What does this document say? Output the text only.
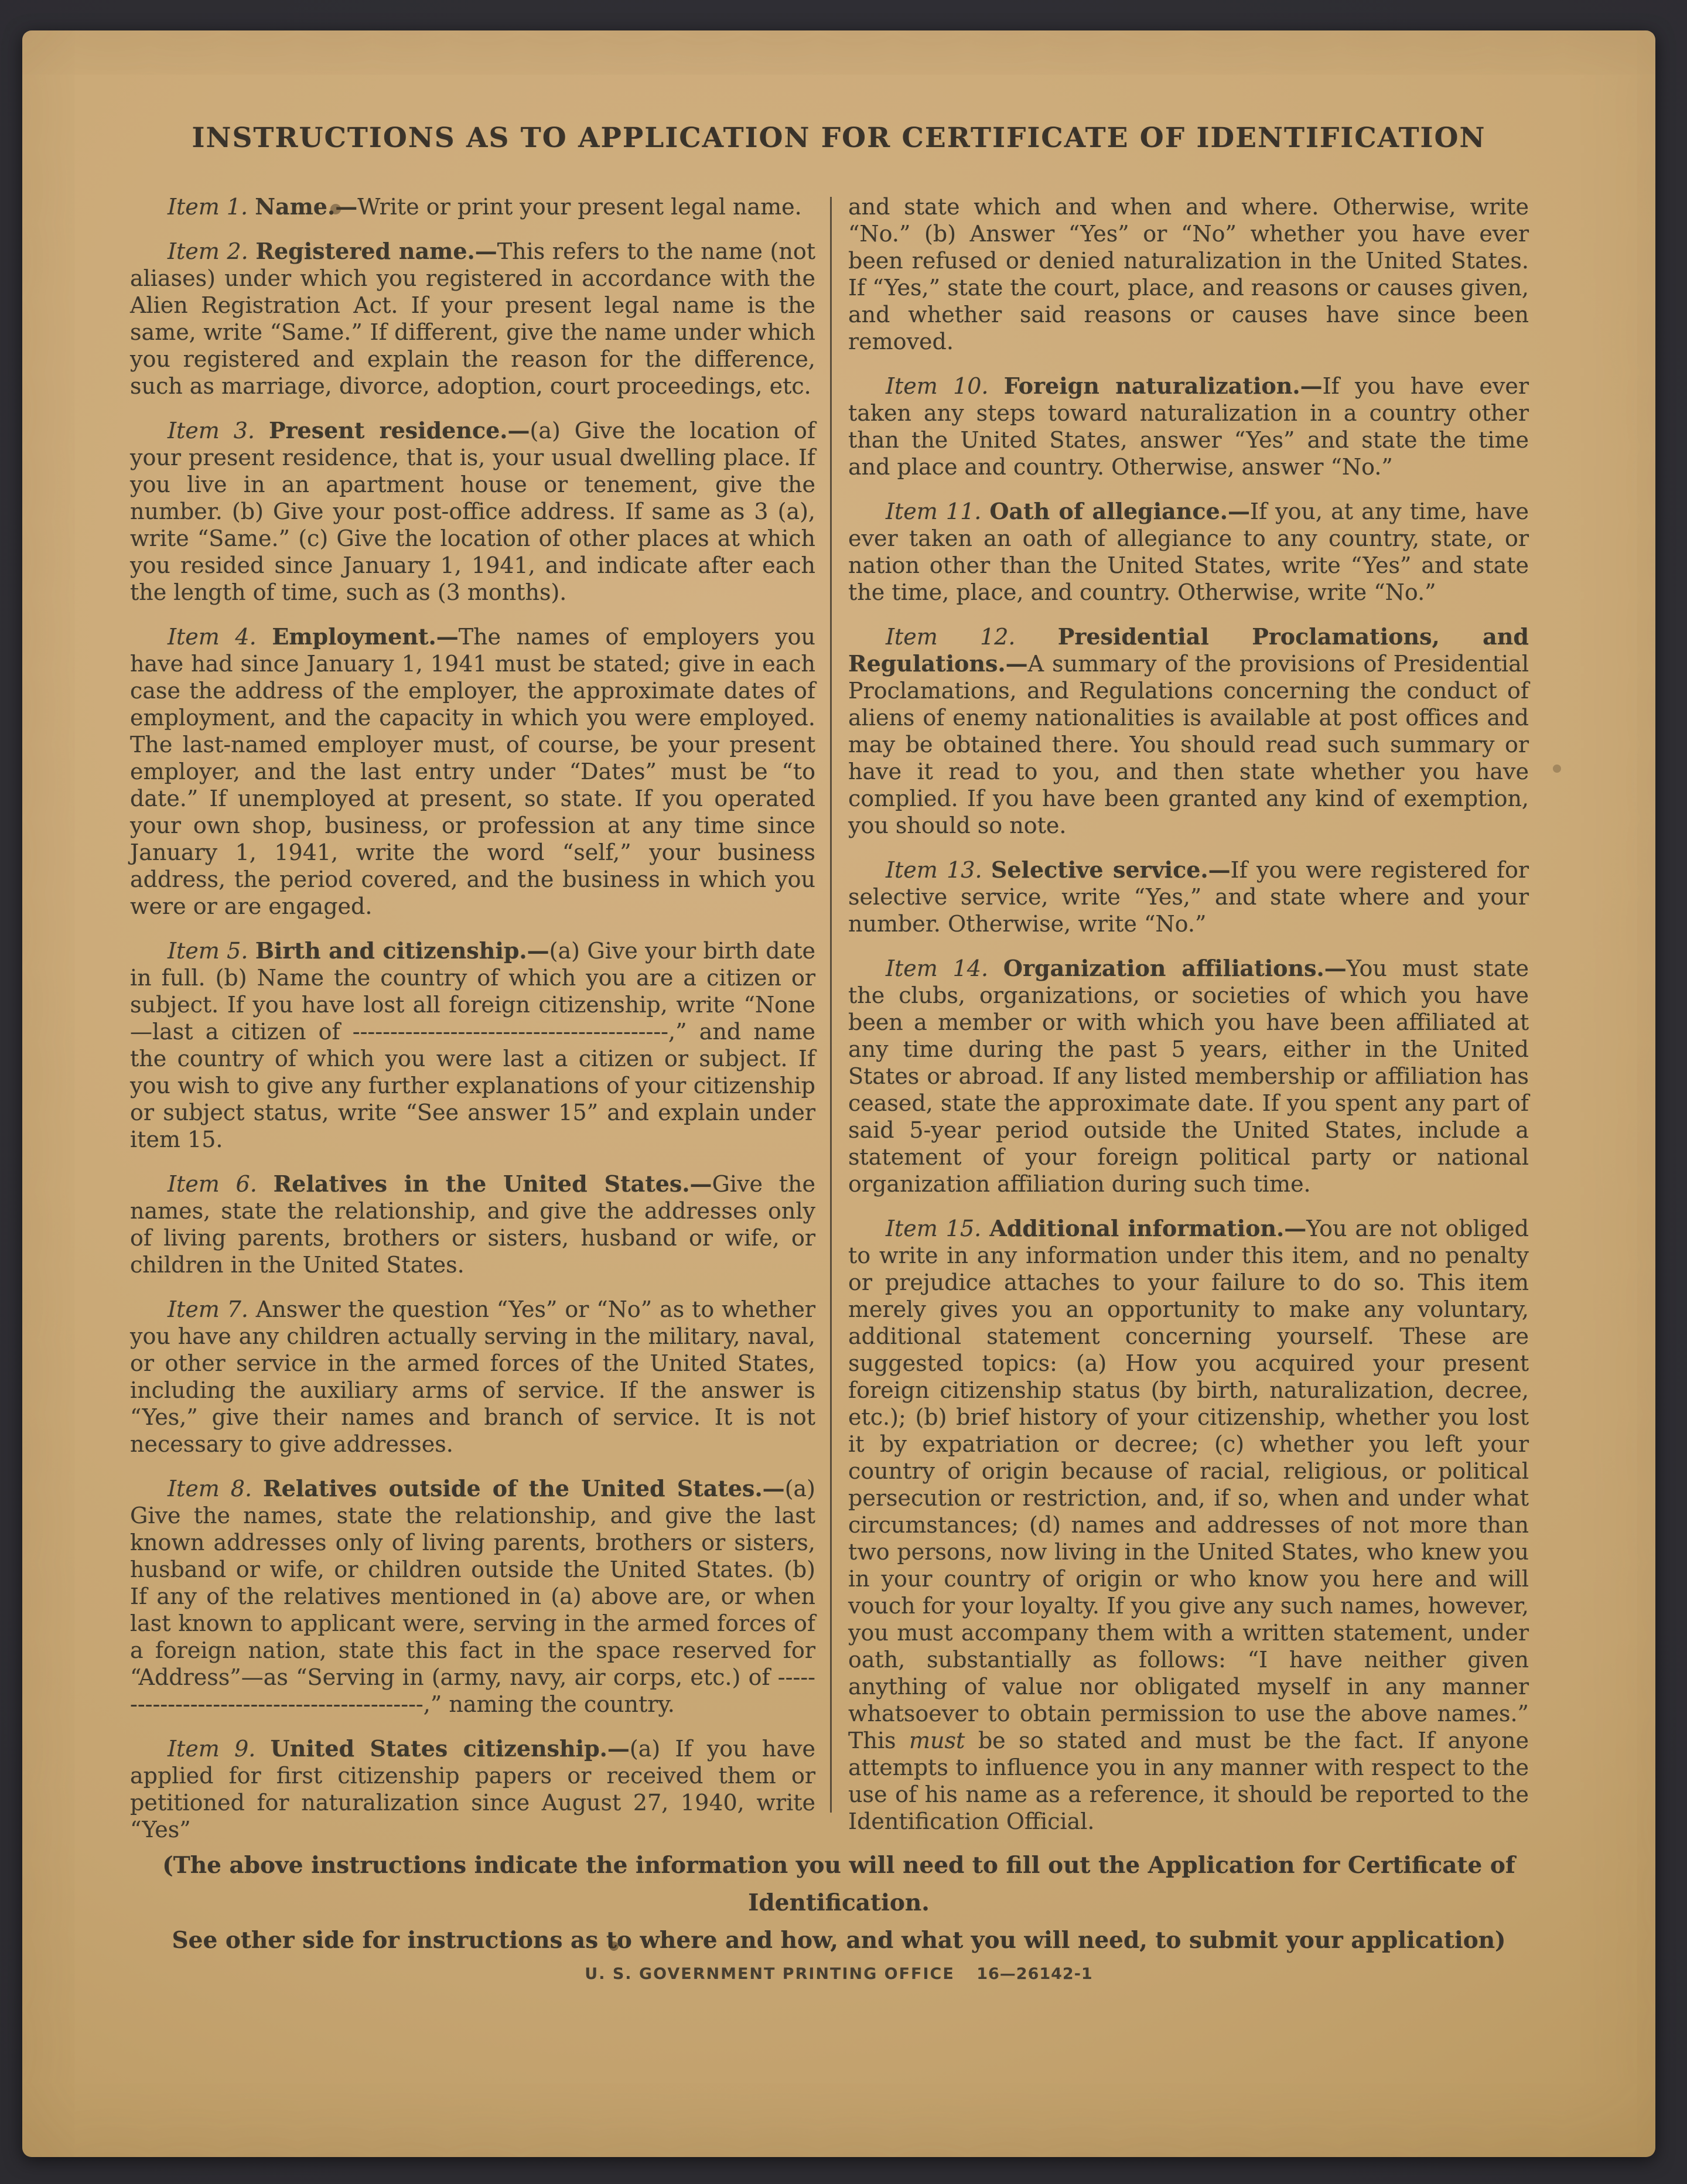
INSTRUCTIONS AS TO APPLICATION FOR CERTIFICATE OF IDENTIFICATION

Item 1. Name.—Write or print your present legal name.

Item 2. Registered name.—This refers to the name (not aliases) under which you registered in accordance with the Alien Registration Act. If your present legal name is the same, write “Same.” If different, give the name under which you registered and explain the reason for the difference, such as marriage, divorce, adoption, court proceedings, etc.

Item 3. Present residence.—(a) Give the location of your present residence, that is, your usual dwelling place. If you live in an apartment house or tenement, give the number. (b) Give your post-office address. If same as 3 (a), write “Same.” (c) Give the location of other places at which you resided since January 1, 1941, and indicate after each the length of time, such as (3 months).

Item 4. Employment.—The names of employers you have had since January 1, 1941 must be stated; give in each case the address of the employer, the approximate dates of employment, and the capacity in which you were employed. The last-named employer must, of course, be your present employer, and the last entry under “Dates” must be “to date.” If unemployed at present, so state. If you operated your own shop, business, or profession at any time since January 1, 1941, write the word “self,” your business address, the period covered, and the business in which you were or are engaged.

Item 5. Birth and citizenship.—(a) Give your birth date in full. (b) Name the country of which you are a citizen or subject. If you have lost all foreign citizenship, write “None—last a citizen of ------------------------------------------,” and name the country of which you were last a citizen or subject. If you wish to give any further explanations of your citizenship or subject status, write “See answer 15” and explain under item 15.

Item 6. Relatives in the United States.—Give the names, state the relationship, and give the addresses only of living parents, brothers or sisters, husband or wife, or children in the United States.

Item 7. Answer the question “Yes” or “No” as to whether you have any children actually serving in the military, naval, or other service in the armed forces of the United States, including the auxiliary arms of service. If the answer is “Yes,” give their names and branch of service. It is not necessary to give addresses.

Item 8. Relatives outside of the United States.—(a) Give the names, state the relationship, and give the last known addresses only of living parents, brothers or sisters, husband or wife, or children outside the United States. (b) If any of the relatives mentioned in (a) above are, or when last known to applicant were, serving in the armed forces of a foreign nation, state this fact in the space reserved for “Address”—as “Serving in (army, navy, air corps, etc.) of --------------------------------------------,” naming the country.

Item 9. United States citizenship.—(a) If you have applied for first citizenship papers or received them or petitioned for naturalization since August 27, 1940, write “Yes”

and state which and when and where. Otherwise, write “No.” (b) Answer “Yes” or “No” whether you have ever been refused or denied naturalization in the United States. If “Yes,” state the court, place, and reasons or causes given, and whether said reasons or causes have since been removed.

Item 10. Foreign naturalization.—If you have ever taken any steps toward naturalization in a country other than the United States, answer “Yes” and state the time and place and country. Otherwise, answer “No.”

Item 11. Oath of allegiance.—If you, at any time, have ever taken an oath of allegiance to any country, state, or nation other than the United States, write “Yes” and state the time, place, and country. Otherwise, write “No.”

Item 12. Presidential Proclamations, and Regulations.—A summary of the provisions of Presidential Proclamations, and Regulations concerning the conduct of aliens of enemy nationalities is available at post offices and may be obtained there. You should read such summary or have it read to you, and then state whether you have complied. If you have been granted any kind of exemption, you should so note.

Item 13. Selective service.—If you were registered for selective service, write “Yes,” and state where and your number. Otherwise, write “No.”

Item 14. Organization affiliations.—You must state the clubs, organizations, or societies of which you have been a member or with which you have been affiliated at any time during the past 5 years, either in the United States or abroad. If any listed membership or affiliation has ceased, state the approximate date. If you spent any part of said 5-year period outside the United States, include a statement of your foreign political party or national organization affiliation during such time.

Item 15. Additional information.—You are not obliged to write in any information under this item, and no penalty or prejudice attaches to your failure to do so. This item merely gives you an opportunity to make any voluntary, additional statement concerning yourself. These are suggested topics: (a) How you acquired your present foreign citizenship status (by birth, naturalization, decree, etc.); (b) brief history of your citizenship, whether you lost it by expatriation or decree; (c) whether you left your country of origin because of racial, religious, or political persecution or restriction, and, if so, when and under what circumstances; (d) names and addresses of not more than two persons, now living in the United States, who knew you in your country of origin or who know you here and will vouch for your loyalty. If you give any such names, however, you must accompany them with a written statement, under oath, substantially as follows: “I have neither given anything of value nor obligated myself in any manner whatsoever to obtain permission to use the above names.” This must be so stated and must be the fact. If anyone attempts to influence you in any manner with respect to the use of his name as a reference, it should be reported to the Identification Official.

(The above instructions indicate the information you will need to fill out the Application for Certificate of Identification.
See other side for instructions as to where and how, and what you will need, to submit your application)
U. S. GOVERNMENT PRINTING OFFICE 16—26142-1
